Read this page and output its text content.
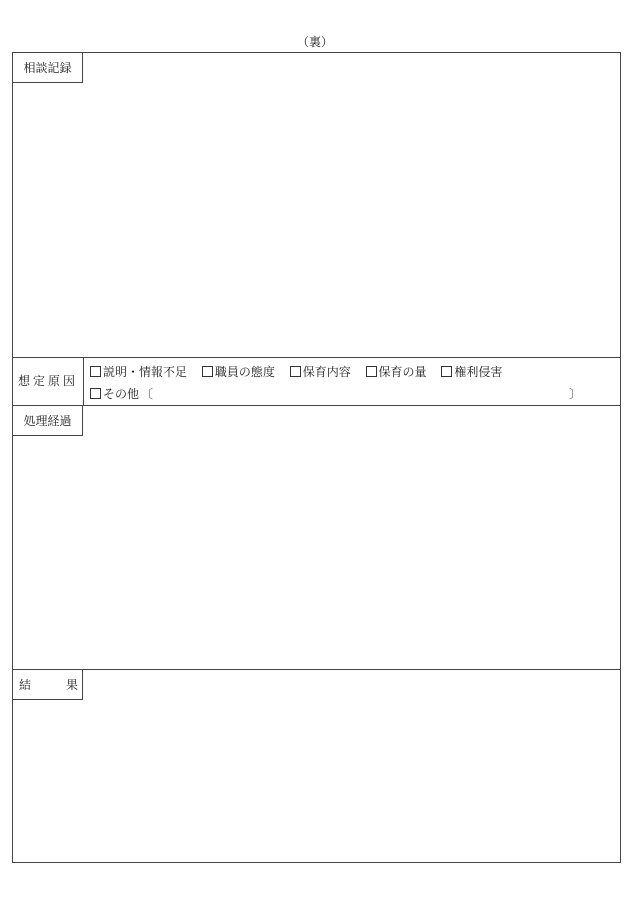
（裏）
相談記録
想定原因
説明・情報不足 職員の態度 保育内容 保育の量 権利侵害
その他 〔	〕
処理経過
結　果
